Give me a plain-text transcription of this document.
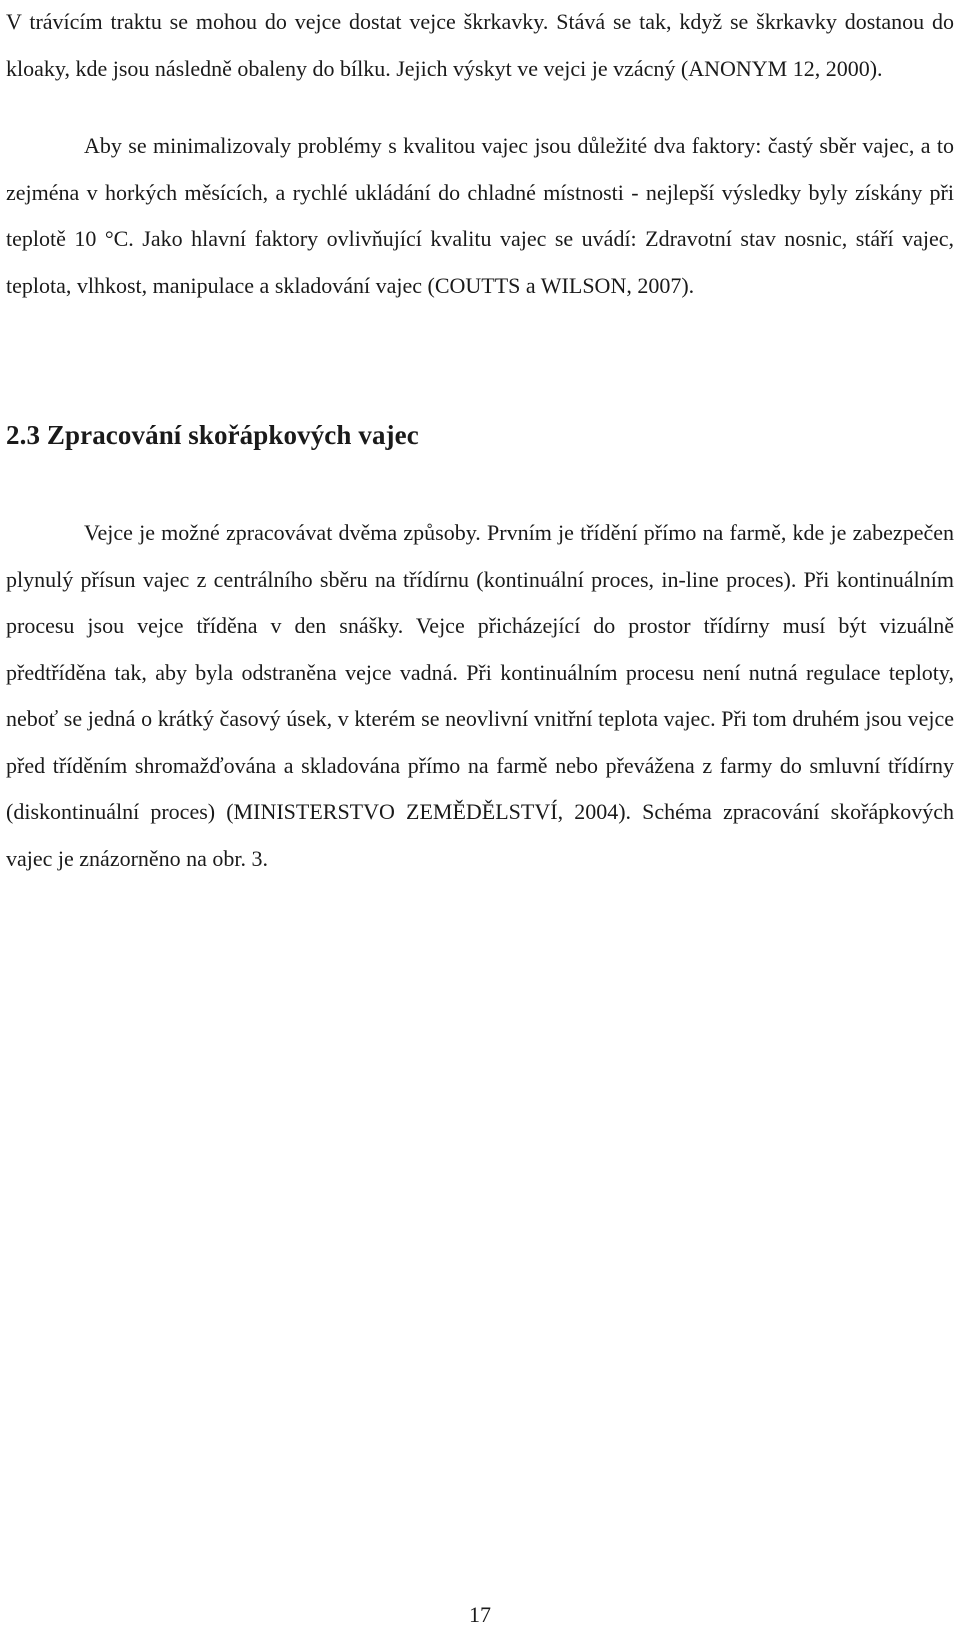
V trávícím traktu se mohou do vejce dostat vejce škrkavky. Stává se tak, když se škrkavky dostanou do kloaky, kde jsou následně obaleny do bílku. Jejich výskyt ve vejci je vzácný (ANONYM 12, 2000).

Aby se minimalizovaly problémy s kvalitou vajec jsou důležité dva faktory: častý sběr vajec, a to zejména v horkých měsících, a rychlé ukládání do chladné místnosti - nejlepší výsledky byly získány při teplotě 10 °C. Jako hlavní faktory ovlivňující kvalitu vajec se uvádí: Zdravotní stav nosnic, stáří vajec, teplota, vlhkost, manipulace a skladování vajec (COUTTS a WILSON, 2007).

2.3 Zpracování skořápkových vajec

Vejce je možné zpracovávat dvěma způsoby. Prvním je třídění přímo na farmě, kde je zabezpečen plynulý přísun vajec z centrálního sběru na třídírnu (kontinuální proces, in-line proces). Při kontinuálním procesu jsou vejce tříděna v den snášky. Vejce přicházející do prostor třídírny musí být vizuálně předtříděna tak, aby byla odstraněna vejce vadná. Při kontinuálním procesu není nutná regulace teploty, neboť se jedná o krátký časový úsek, v kterém se neovlivní vnitřní teplota vajec. Při tom druhém jsou vejce před tříděním shromažďována a skladována přímo na farmě nebo převážena z farmy do smluvní třídírny (diskontinuální proces) (MINISTERSTVO ZEMĚDĚLSTVÍ, 2004). Schéma zpracování skořápkových vajec je znázorněno na obr. 3.

17
